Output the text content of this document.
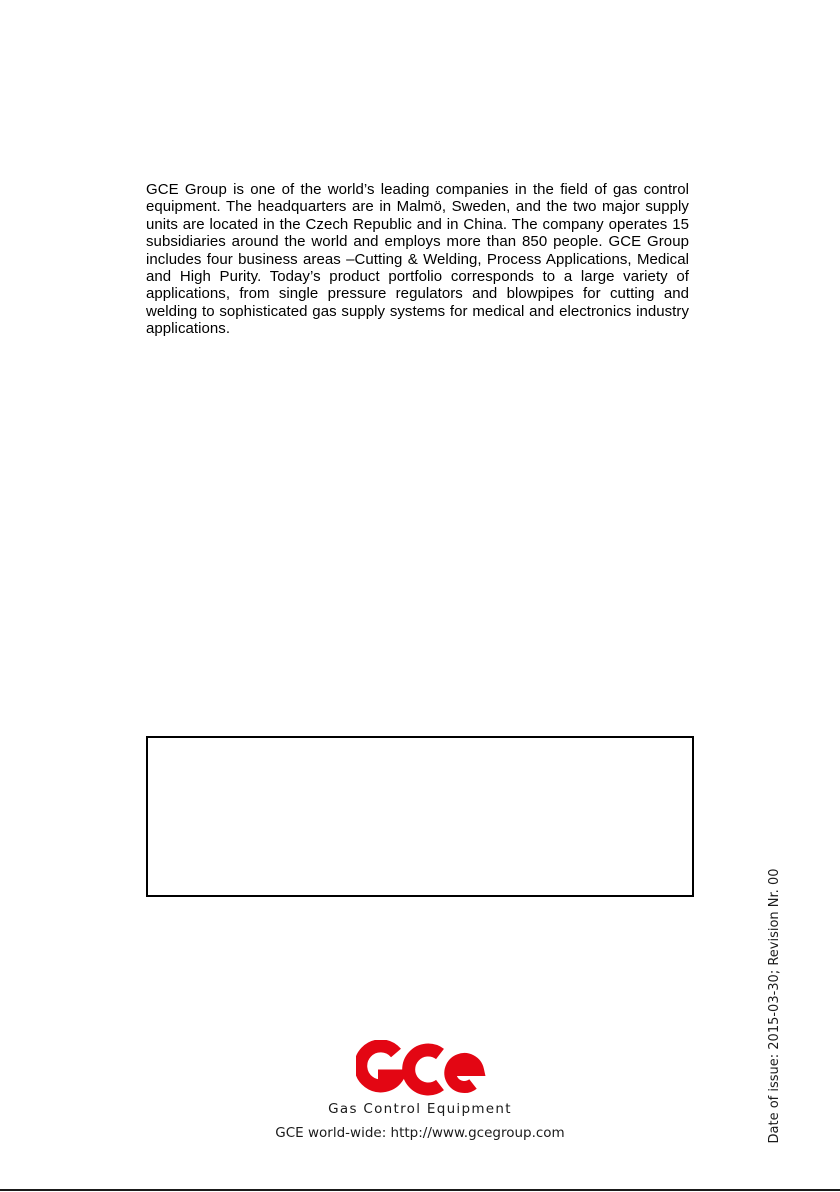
GCE Group is one of the world’s leading companies in the field of gas control equipment. The headquarters are in Malmö, Sweden, and the two major supply units are located in the Czech Republic and in China. The company operates 15 subsidiaries around the world and employs more than 850 people. GCE Group includes four business areas –Cutting & Welding, Process Applications, Medical and High Purity. Today’s product portfolio corresponds to a large variety of applications, from single pressure regulators and blowpipes for cutting and welding to sophisticated gas supply systems for medical and electronics industry applications.

Gas Control Equipment
GCE world-wide: http://www.gcegroup.com	Date of issue: 2015-03-30; Revision Nr. 00
